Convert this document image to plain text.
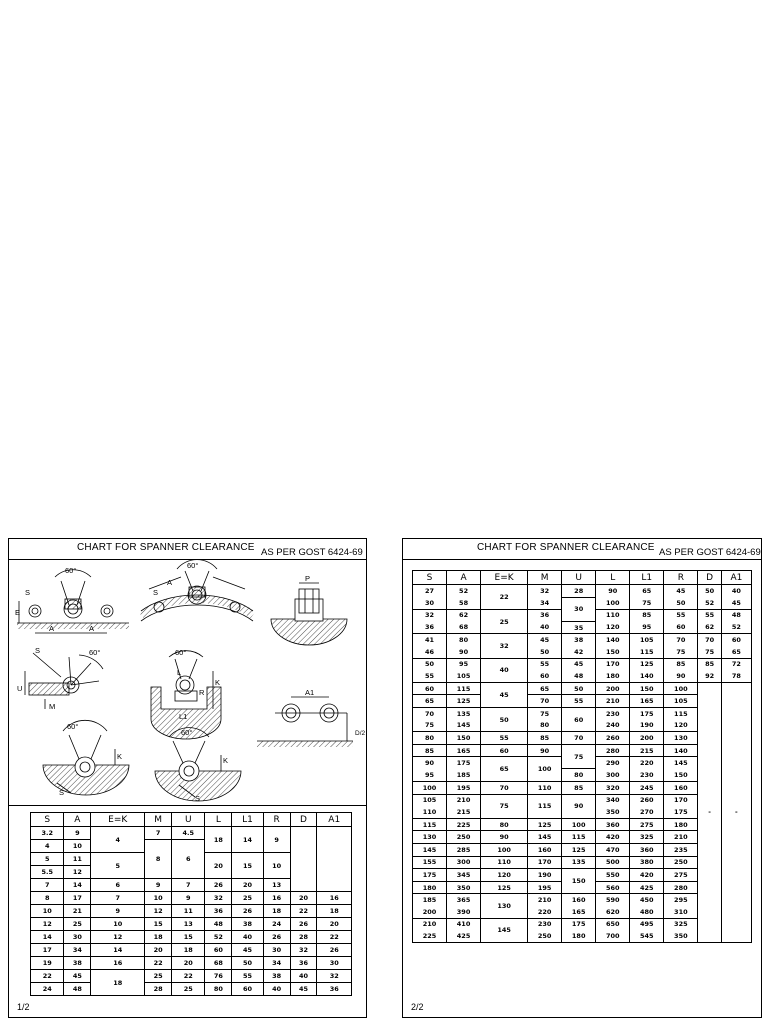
CHART FOR SPANNER CLEARANCE AS PER GOST 6424-69
60°
60°
S
E
A	A
A
S
P
60°
S
U
M
60°
L
K
L1
R	A1
D/2
60°
K
S
60°
K
S
S	A	E=K	M	U	L	L1	R	D	A1
3.2	9	4	7	4.5	18	14	9		
4	10		8	6					
5	11	5			20	15	10		
5.5	12								
7	14	6	9	7	26	20	13		
8	17	7	10	9	32	25	16	20	16
10	21	9	12	11	36	26	18	22	18
12	25	10	15	13	48	38	24	26	20
14	30	12	18	15	52	40	26	28	22
17	34	14	20	18	60	45	30	32	26
19	38	16	22	20	68	50	34	36	30
22	45	18	25	22	76	55	38	40	32
24	48		28	25	80	60	40	45	36
1/2
CHART FOR SPANNER CLEARANCE AS PER GOST 6424-69
S	A	E=K	M	U	L	L1	R	D	A1
27	52	22	32	28	90	65	45	50	40
30	58		34	30	100	75	50	52	45
32	62	25	36		110	85	55	55	48
36	68		40	35	120	95	60	62	52
41	80	32	45	38	140	105	70	70	60
46	90		50	42	150	115	75	75	65
50	95	40	55	45	170	125	85	85	72
55	105		60	48	180	140	90	92	78
60	115	45	65	50	200	150	100	-	-
65	125		70	55	210	165	105		
70	135	50	75	60	230	175	115		
75	145		80		240	190	120		
80	150	55	85	70	260	200	130		
85	165	60	90	75	280	215	140		
90	175	65	100		290	220	145		
95	185			80	300	230	150		
100	195	70	110	85	320	245	160		
105	210	75	115	90	340	260	170		
110	215				350	270	175		
115	225	80	125	100	360	275	180		
130	250	90	145	115	420	325	210		
145	285	100	160	125	470	360	235		
155	300	110	170	135	500	380	250		
175	345	120	190	150	550	420	275		
180	350	125	195		560	425	280		
185	365	130	210	160	590	450	295		
200	390		220	165	620	480	310		
210	410	145	230	175	650	495	325		
225	425		250	180	700	545	350		
2/2
